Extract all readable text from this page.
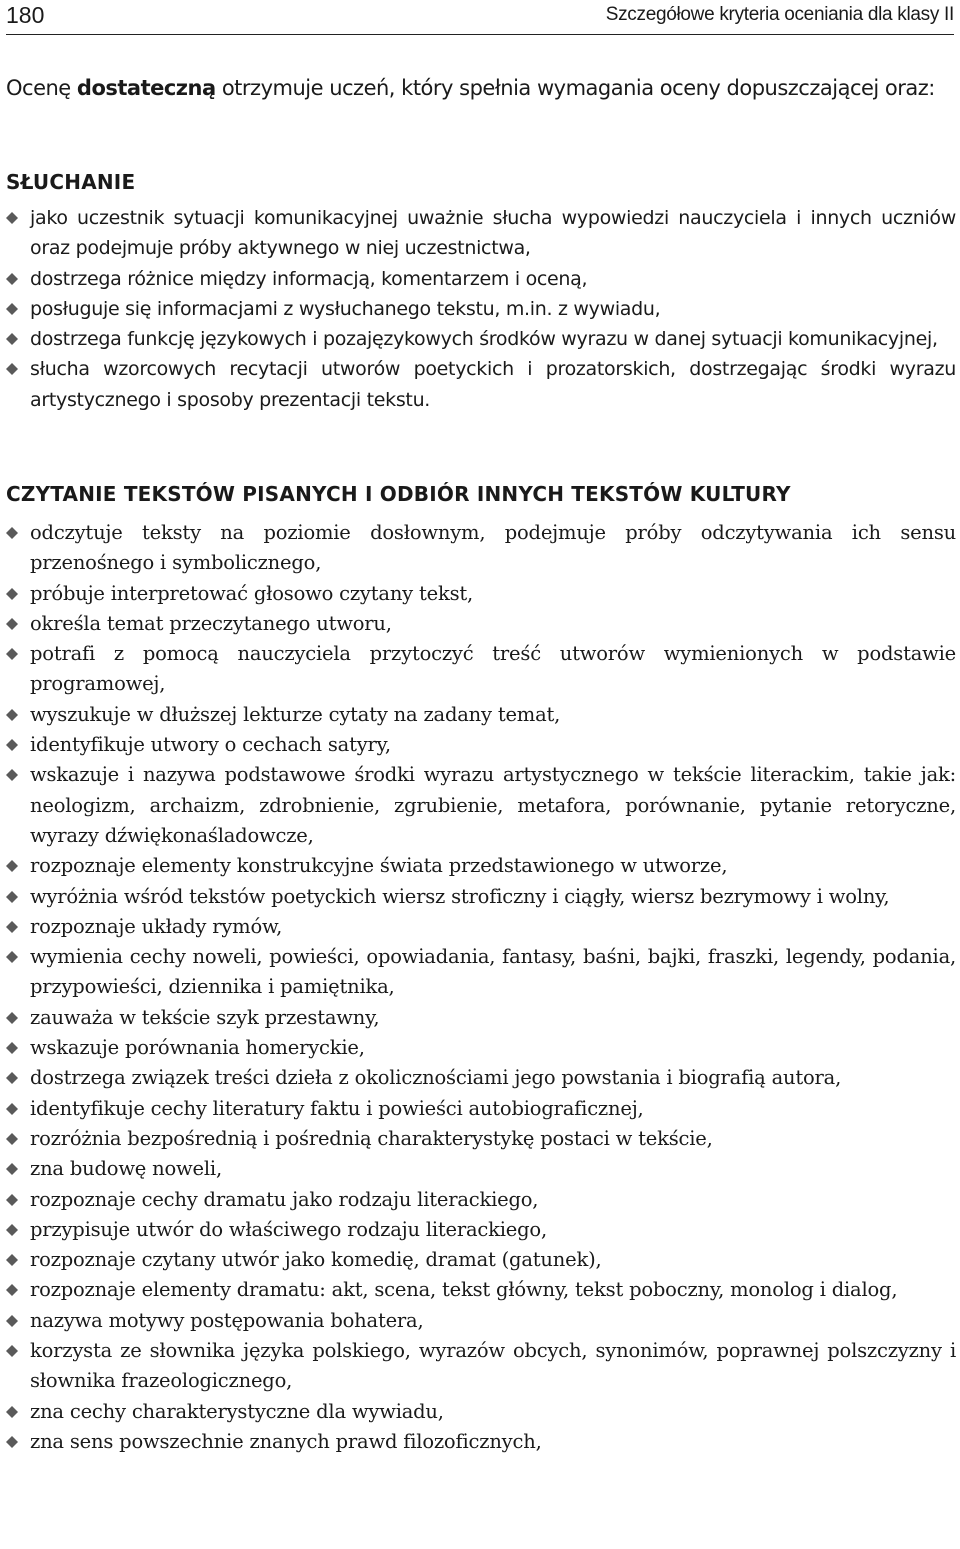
180	Szczegółowe kryteria oceniania dla klasy II

Ocenę dostateczną otrzymuje uczeń, który spełnia wymagania oceny dopuszczającej oraz:

SŁUCHANIE
jako uczestnik sytuacji komunikacyjnej uważnie słucha wypowiedzi nauczyciela i innych uczniów oraz podejmuje próby aktywnego w niej uczestnictwa,
dostrzega różnice między informacją, komentarzem i oceną,
posługuje się informacjami z wysłuchanego tekstu, m.in. z wywiadu,
dostrzega funkcję językowych i pozajęzykowych środków wyrazu w danej sytuacji komunikacyjnej,
słucha wzorcowych recytacji utworów poetyckich i prozatorskich, dostrzegając środki wyrazu artystycznego i sposoby prezentacji tekstu.
CZYTANIE TEKSTÓW PISANYCH I ODBIÓR INNYCH TEKSTÓW KULTURY
odczytuje teksty na poziomie dosłownym, podejmuje próby odczytywania ich sensu przenośnego i symbolicznego,
próbuje interpretować głosowo czytany tekst,
określa temat przeczytanego utworu,
potrafi z pomocą nauczyciela przytoczyć treść utworów wymienionych w podstawie programowej,
wyszukuje w dłuższej lekturze cytaty na zadany temat,
identyfikuje utwory o cechach satyry,
wskazuje i nazywa podstawowe środki wyrazu artystycznego w tekście literackim, takie jak: neologizm, archaizm, zdrobnienie, zgrubienie, metafora, porównanie, pytanie retoryczne, wyrazy dźwiękonaśladowcze,
rozpoznaje elementy konstrukcyjne świata przedstawionego w utworze,
wyróżnia wśród tekstów poetyckich wiersz stroficzny i ciągły, wiersz bezrymowy i wolny,
rozpoznaje układy rymów,
wymienia cechy noweli, powieści, opowiadania, fantasy, baśni, bajki, fraszki, legendy, podania, przypowieści, dziennika i pamiętnika,
zauważa w tekście szyk przestawny,
wskazuje porównania homeryckie,
dostrzega związek treści dzieła z okolicznościami jego powstania i biografią autora,
identyfikuje cechy literatury faktu i powieści autobiograficznej,
rozróżnia bezpośrednią i pośrednią charakterystykę postaci w tekście,
zna budowę noweli,
rozpoznaje cechy dramatu jako rodzaju literackiego,
przypisuje utwór do właściwego rodzaju literackiego,
rozpoznaje czytany utwór jako komedię, dramat (gatunek),
rozpoznaje elementy dramatu: akt, scena, tekst główny, tekst poboczny, monolog i dialog,
nazywa motywy postępowania bohatera,
korzysta ze słownika języka polskiego, wyrazów obcych, synonimów, poprawnej polszczyzny i słownika frazeologicznego,
zna cechy charakterystyczne dla wywiadu,
zna sens powszechnie znanych prawd filozoficznych,
